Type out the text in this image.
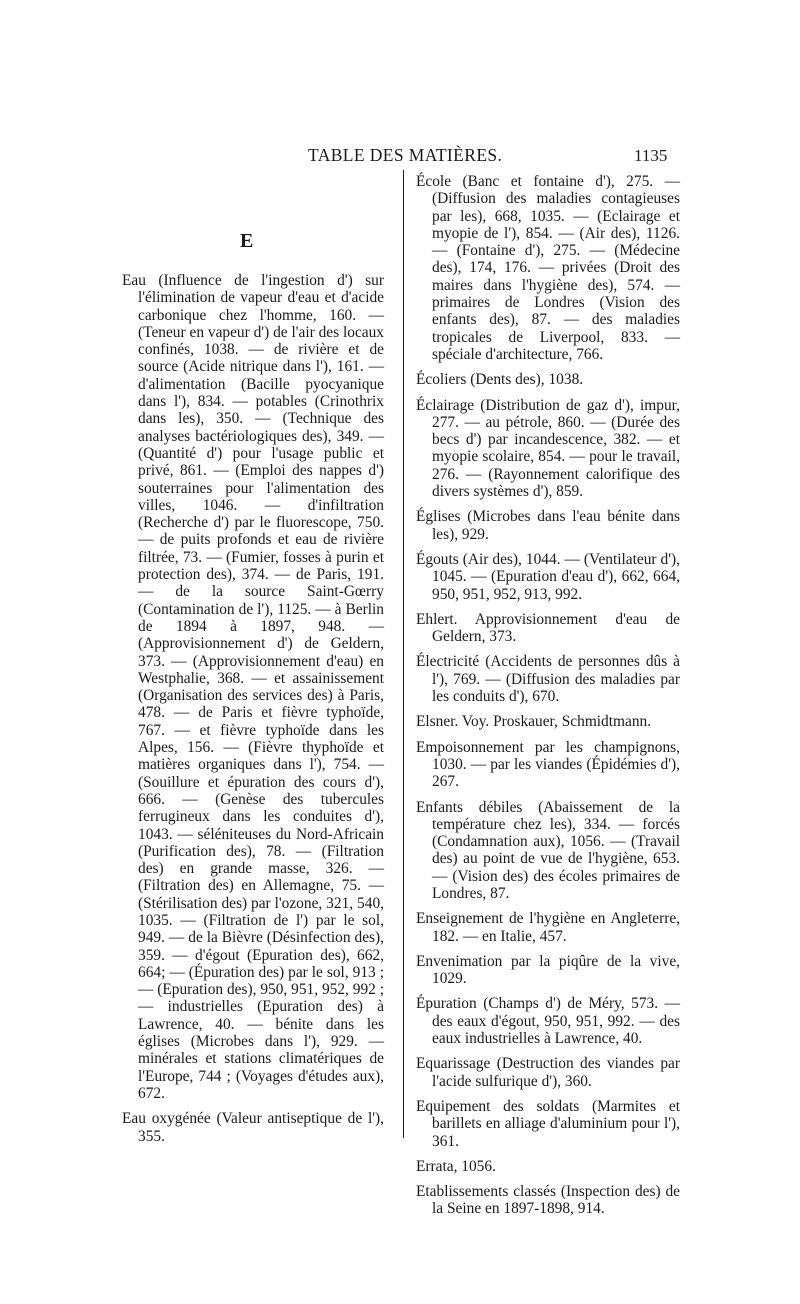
TABLE DES MATIÈRES.	1135
E

Eau (Influence de l'ingestion d') sur l'élimination de vapeur d'eau et d'acide carbonique chez l'homme, 160. — (Teneur en vapeur d') de l'air des locaux confinés, 1038. — de rivière et de source (Acide nitrique dans l'), 161. — d'alimentation (Bacille pyocyanique dans l'), 834. — potables (Crinothrix dans les), 350. — (Technique des analyses bactériologiques des), 349. — (Quantité d') pour l'usage public et privé, 861. — (Emploi des nappes d') souterraines pour l'alimentation des villes, 1046. — d'infiltration (Recherche d') par le fluorescope, 750. — de puits profonds et eau de rivière filtrée, 73. — (Fumier, fosses à purin et protection des), 374. — de Paris, 191. — de la source Saint-Gœrry (Contamination de l'), 1125. — à Berlin de 1894 à 1897, 948. — (Approvisionnement d') de Geldern, 373. — (Approvisionnement d'eau) en Westphalie, 368. — et assainissement (Organisation des services des) à Paris, 478. — de Paris et fièvre typhoïde, 767. — et fièvre typhoïde dans les Alpes, 156. — (Fièvre thyphoïde et matières organiques dans l'), 754. — (Souillure et épuration des cours d'), 666. — (Genèse des tubercules ferrugineux dans les conduites d'), 1043. — séléniteuses du Nord-Africain (Purification des), 78. — (Filtration des) en grande masse, 326. — (Filtration des) en Allemagne, 75. — (Stérilisation des) par l'ozone, 321, 540, 1035. — (Filtration de l') par le sol, 949. — de la Bièvre (Désinfection des), 359. — d'égout (Epuration des), 662, 664; — (Épuration des) par le sol, 913 ; — (Epuration des), 950, 951, 952, 992 ; — industrielles (Epuration des) à Lawrence, 40. — bénite dans les églises (Microbes dans l'), 929. — minérales et stations climatériques de l'Europe, 744 ; (Voyages d'études aux), 672.

Eau oxygénée (Valeur antiseptique de l'), 355.

École (Banc et fontaine d'), 275. — (Diffusion des maladies contagieuses par les), 668, 1035. — (Eclairage et myopie de l'), 854. — (Air des), 1126. — (Fontaine d'), 275. — (Médecine des), 174, 176. — privées (Droit des maires dans l'hygiène des), 574. — primaires de Londres (Vision des enfants des), 87. — des maladies tropicales de Liverpool, 833. — spéciale d'architecture, 766.

Écoliers (Dents des), 1038.

Éclairage (Distribution de gaz d'), impur, 277. — au pétrole, 860. — (Durée des becs d') par incandescence, 382. — et myopie scolaire, 854. — pour le travail, 276. — (Rayonnement calorifique des divers systèmes d'), 859.

Églises (Microbes dans l'eau bénite dans les), 929.

Égouts (Air des), 1044. — (Ventilateur d'), 1045. — (Epuration d'eau d'), 662, 664, 950, 951, 952, 913, 992.

Ehlert. Approvisionnement d'eau de Geldern, 373.

Électricité (Accidents de personnes dûs à l'), 769. — (Diffusion des maladies par les conduits d'), 670.

Elsner. Voy. Proskauer, Schmidtmann.

Empoisonnement par les champignons, 1030. — par les viandes (Épidémies d'), 267.

Enfants débiles (Abaissement de la température chez les), 334. — forcés (Condamnation aux), 1056. — (Travail des) au point de vue de l'hygiène, 653. — (Vision des) des écoles primaires de Londres, 87.

Enseignement de l'hygiène en Angleterre, 182. — en Italie, 457.

Envenimation par la piqûre de la vive, 1029.

Épuration (Champs d') de Méry, 573. — des eaux d'égout, 950, 951, 992. — des eaux industrielles à Lawrence, 40.

Equarissage (Destruction des viandes par l'acide sulfurique d'), 360.

Equipement des soldats (Marmites et barillets en alliage d'aluminium pour l'), 361.

Errata, 1056.

Etablissements classés (Inspection des) de la Seine en 1897-1898, 914.
